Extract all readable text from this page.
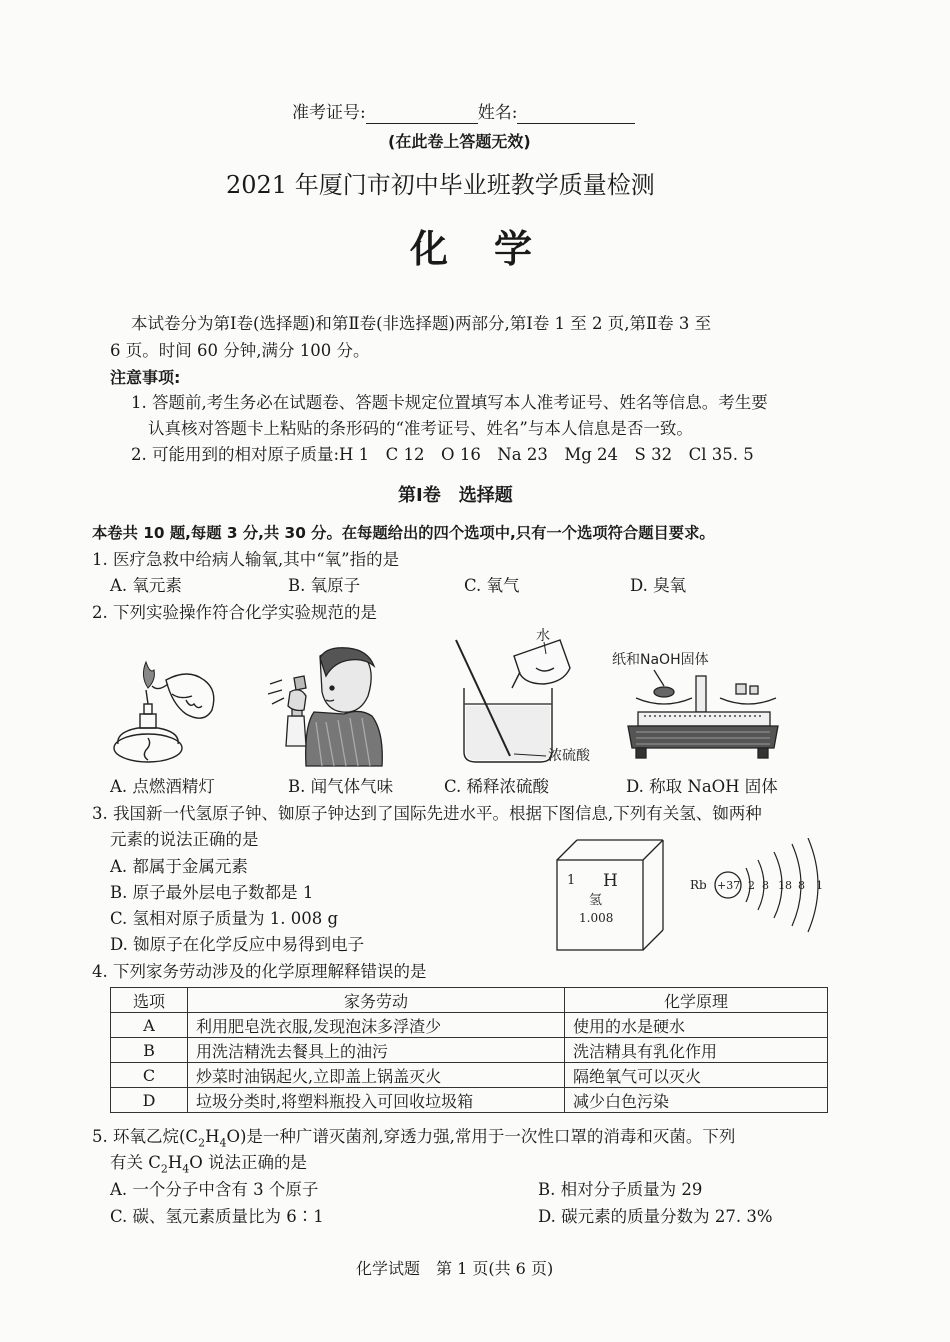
准考证号:	姓名:
(在此卷上答题无效)
2021 年厦门市初中毕业班教学质量检测
化　学
本试卷分为第Ⅰ卷(选择题)和第Ⅱ卷(非选择题)两部分,第Ⅰ卷 1 至 2 页,第Ⅱ卷 3 至
6 页。时间 60 分钟,满分 100 分。
注意事项:
1. 答题前,考生务必在试题卷、答题卡规定位置填写本人准考证号、姓名等信息。考生要
认真核对答题卡上粘贴的条形码的“准考证号、姓名”与本人信息是否一致。
2. 可能用到的相对原子质量:H 1　C 12　O 16　Na 23　Mg 24　S 32　Cl 35. 5
第Ⅰ卷　选择题
本卷共 10 题,每题 3 分,共 30 分。在每题给出的四个选项中,只有一个选项符合题目要求。
1. 医疗急救中给病人输氧,其中“氧”指的是
A. 氧元素	B. 氧原子	C. 氧气	D. 臭氧
2. 下列实验操作符合化学实验规范的是
水
浓硫酸
纸和NaOH固体
A. 点燃酒精灯	B. 闻气体气味	C. 稀释浓硫酸	D. 称取 NaOH 固体
3. 我国新一代氢原子钟、铷原子钟达到了国际先进水平。根据下图信息,下列有关氢、铷两种
元素的说法正确的是
A. 都属于金属元素
B. 原子最外层电子数都是 1
C. 氢相对原子质量为 1. 008 g
D. 铷原子在化学反应中易得到电子
1 H
氢
1.008
Rb +37 2 8 18 8 1
4. 下列家务劳动涉及的化学原理解释错误的是
选项	家务劳动	化学原理
A	利用肥皂洗衣服,发现泡沫多浮渣少	使用的水是硬水
B	用洗洁精洗去餐具上的油污	洗洁精具有乳化作用
C	炒菜时油锅起火,立即盖上锅盖灭火	隔绝氧气可以灭火
D	垃圾分类时,将塑料瓶投入可回收垃圾箱	减少白色污染
5. 环氧乙烷$(C_2H_4O)$是一种广谱灭菌剂,穿透力强,常用于一次性口罩的消毒和灭菌。下列
有关 $C_2H_4O$ 说法正确的是
A. 一个分子中含有 3 个原子	B. 相对分子质量为 29
C. 碳、氢元素质量比为 6∶1	D. 碳元素的质量分数为 27. 3%
化学试题　第 1 页(共 6 页)
